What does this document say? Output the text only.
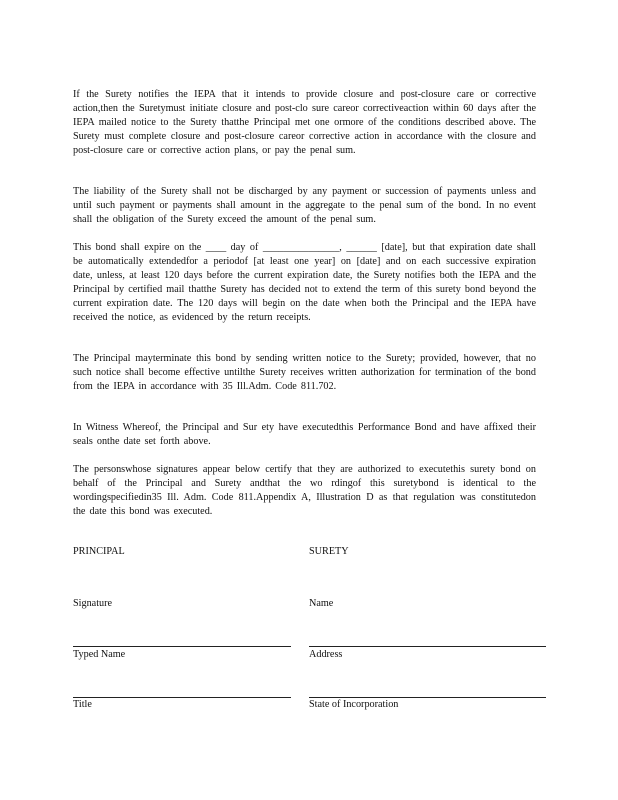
If the Surety notifies the IEPA that it intends to provide closure and post-closure care or corrective action,then the Suretymust initiate closure and post-clo sure careor correctiveaction within 60 days after the IEPA mailed notice to the Surety thatthe Principal met one ormore of the conditions described above. The Surety must complete closure and post-closure careor corrective action in accordance with the closure and post-closure care or corrective action plans, or pay the penal sum.

The liability of the Surety shall not be discharged by any payment or succession of payments unless and until such payment or payments shall amount in the aggregate to the penal sum of the bond. In no event shall the obligation of the Surety exceed the amount of the penal sum.

This bond shall expire on the ____ day of _______________, ______ [date], but that expiration date shall be automatically extendedfor a periodof [at least one year] on [date] and on each successive expiration date, unless, at least 120 days before the current expiration date, the Surety notifies both the IEPA and the Principal by certified mail thatthe Surety has decided not to extend the term of this surety bond beyond the current expiration date. The 120 days will begin on the date when both the Principal and the IEPA have received the notice, as evidenced by the return receipts.

The Principal mayterminate this bond by sending written notice to the Surety; provided, however, that no such notice shall become effective untilthe Surety receives written authorization for termination of the bond from the IEPA in accordance with 35 Ill.Adm. Code 811.702.

In Witness Whereof, the Principal and Sur ety have executedthis Performance Bond and have affixed their seals onthe date set forth above.

The personswhose signatures appear below certify that they are authorized to executethis surety bond on behalf of the Principal and Surety andthat the wo rdingof this suretybond is identical to the wordingspecifiedin35 Ill. Adm. Code 811.Appendix A, Illustration D as that regulation was constitutedon the date this bond was executed.

PRINCIPAL	SURETY
Signature	Name
Typed Name	Address
Title	State of Incorporation
